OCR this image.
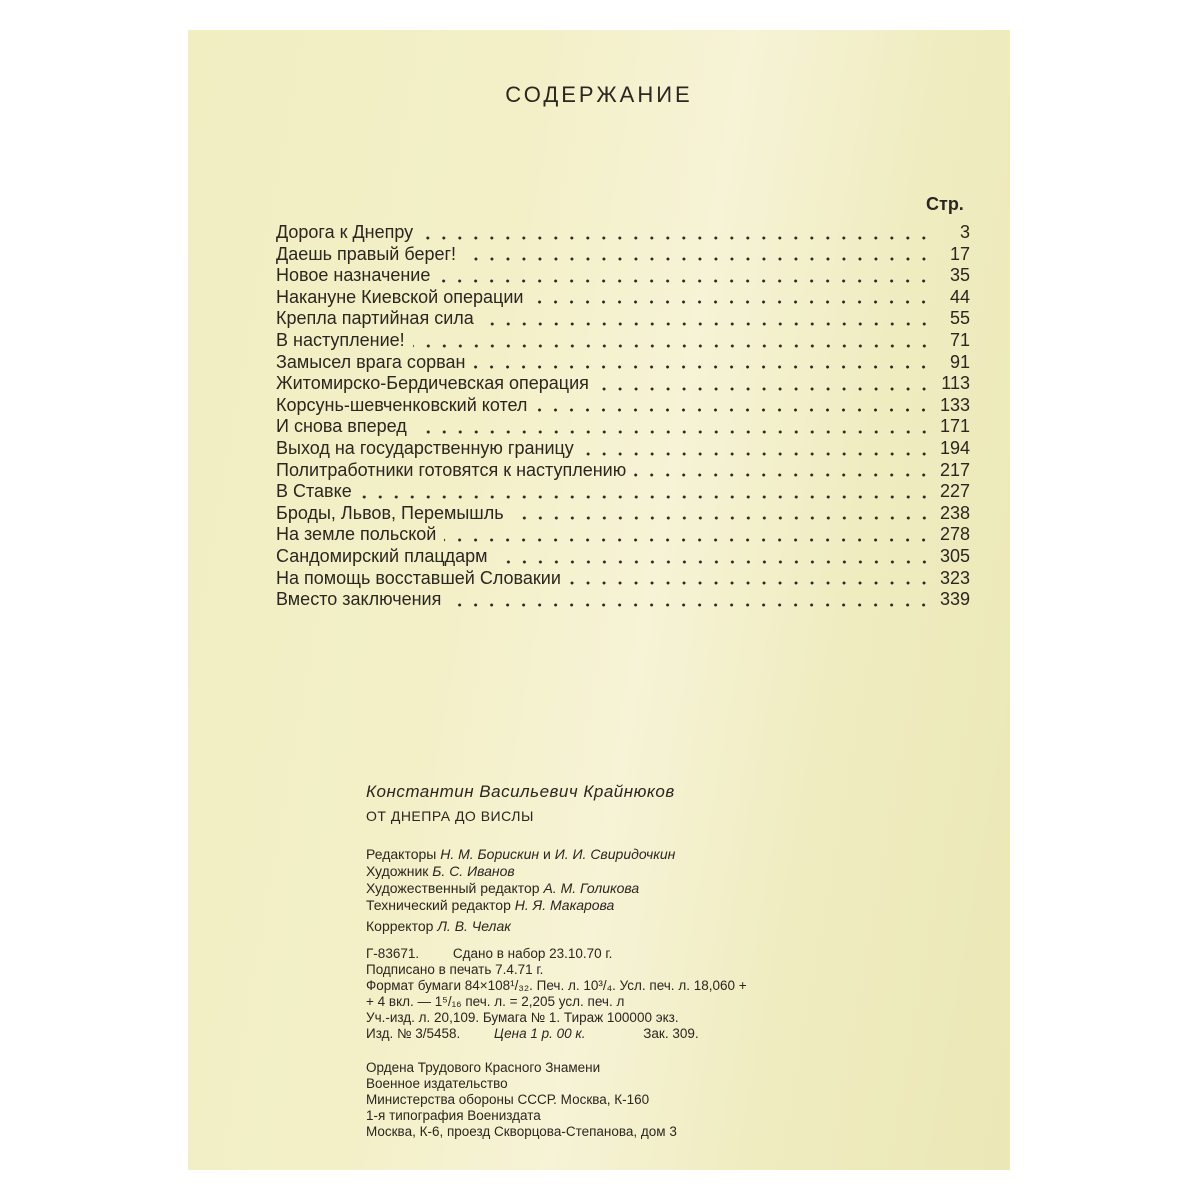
СОДЕРЖАНИЕ
Стр.
Дорога к Днепру	3
Даешь правый берег!	17
Новое назначение	35
Накануне Киевской операции	44
Крепла партийная сила	55
В наступление!	71
Замысел врага сорван	91
Житомирско-Бердичевская операция	113
Корсунь-шевченковский котел	133
И снова вперед	171
Выход на государственную границу	194
Политработники готовятся к наступлению	217
В Ставке	227
Броды, Львов, Перемышль	238
На земле польской	278
Сандомирский плацдарм	305
На помощь восставшей Словакии	323
Вместо заключения	339
Константин Васильевич Крайнюков
ОТ ДНЕПРА ДО ВИСЛЫ
Редакторы Н. М. Борискин и И. И. Свиридочкин
Художник Б. С. Иванов
Художественный редактор А. М. Голикова
Технический редактор Н. Я. Макарова
Корректор Л. В. Челак
Г-83671.	Сдано в набор 23.10.70 г.
Подписано в печать 7.4.71 г.
Формат бумаги 84×108¹/₃₂. Печ. л. 10³/₄. Усл. печ. л. 18,060 +
+ 4 вкл. — 1⁵/₁₆ печ. л. = 2,205 усл. печ. л
Уч.-изд. л. 20,109. Бумага № 1. Тираж 100000 экз.
Изд. № 3/5458.	Цена 1 р. 00 к.	Зак. 309.
Ордена Трудового Красного Знамени
Военное издательство
Министерства обороны СССР. Москва, К-160
1-я типография Воениздата
Москва, К-6, проезд Скворцова-Степанова, дом 3
